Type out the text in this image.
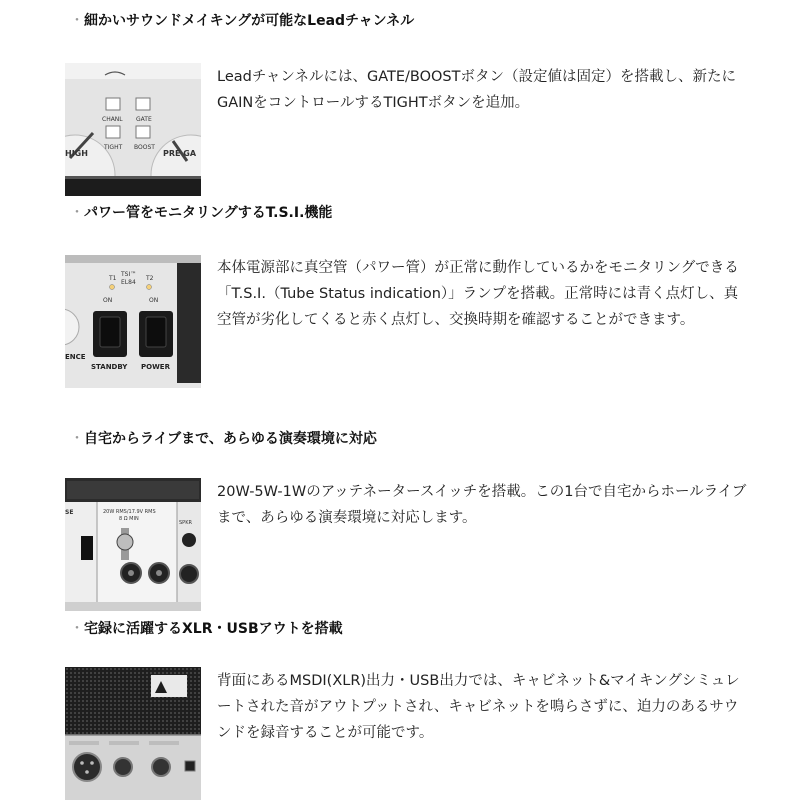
・細かいサウンドメイキングが可能なLeadチャンネル
CHANL GATE
TIGHT BOOST
HIGH	PRE GA
Leadチャンネルには、GATE/BOOSTボタン（設定値は固定）を搭載し、新たにGAINをコントロールするTIGHTボタンを追加。
・パワー管をモニタリングするT.S.I.機能
TSI™
EL84
T1	T2
ON	ON
STANDBY POWER
ENCE
本体電源部に真空管（パワー管）が正常に動作しているかをモニタリングできる「T.S.I.（Tube Status indication）」ランプを搭載。正常時には青く点灯し、真空管が劣化してくると赤く点灯し、交換時期を確認することができます。
・自宅からライブまで、あらゆる演奏環境に対応
SE	20W RMS/17.9V RMS
8 Ω MIN
SPKR
20W-5W-1Wのアッテネータースイッチを搭載。この1台で自宅からホールライブまで、あらゆる演奏環境に対応します。
・宅録に活躍するXLR・USBアウトを搭載
背面にあるMSDI(XLR)出力・USB出力では、キャビネット&マイキングシミュレートされた音がアウトプットされ、キャビネットを鳴らさずに、迫力のあるサウンドを録音することが可能です。
